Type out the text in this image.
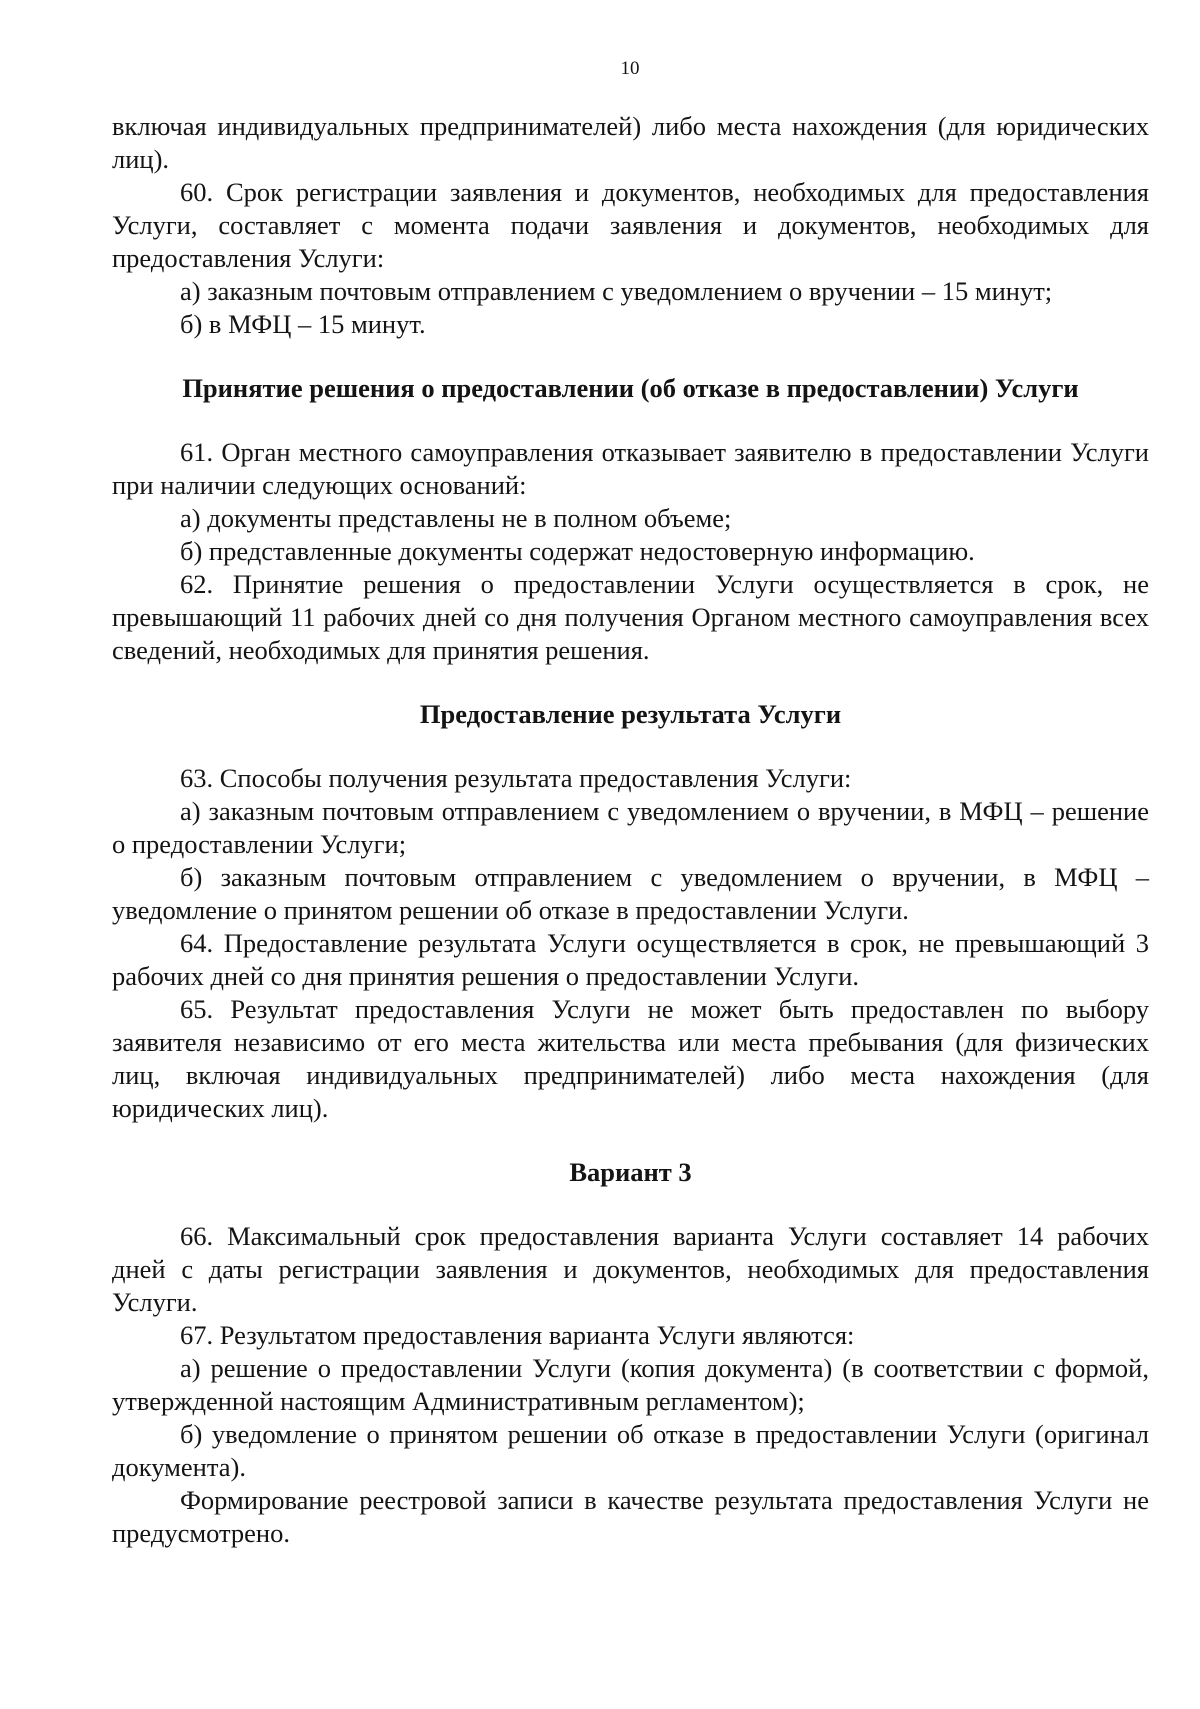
10

включая индивидуальных предпринимателей) либо места нахождения (для юридических лиц).

60. Срок регистрации заявления и документов, необходимых для предоставления Услуги, составляет с момента подачи заявления и документов, необходимых для предоставления Услуги:

а) заказным почтовым отправлением с уведомлением о вручении – 15 минут;

б) в МФЦ – 15 минут.

Принятие решения о предоставлении (об отказе в предоставлении) Услуги

61. Орган местного самоуправления отказывает заявителю в предоставлении Услуги при наличии следующих оснований:

а) документы представлены не в полном объеме;

б) представленные документы содержат недостоверную информацию.

62. Принятие решения о предоставлении Услуги осуществляется в срок, не превышающий 11 рабочих дней со дня получения Органом местного самоуправления всех сведений, необходимых для принятия решения.

Предоставление результата Услуги

63. Способы получения результата предоставления Услуги:

а) заказным почтовым отправлением с уведомлением о вручении, в МФЦ – решение о предоставлении Услуги;

б) заказным почтовым отправлением с уведомлением о вручении, в МФЦ – уведомление о принятом решении об отказе в предоставлении Услуги.

64. Предоставление результата Услуги осуществляется в срок, не превышающий 3 рабочих дней со дня принятия решения о предоставлении Услуги.

65. Результат предоставления Услуги не может быть предоставлен по выбору заявителя независимо от его места жительства или места пребывания (для физических лиц, включая индивидуальных предпринимателей) либо места нахождения (для юридических лиц).

Вариант 3

66. Максимальный срок предоставления варианта Услуги составляет 14 рабочих дней с даты регистрации заявления и документов, необходимых для предоставления Услуги.

67. Результатом предоставления варианта Услуги являются:

а) решение о предоставлении Услуги (копия документа) (в соответствии с формой, утвержденной настоящим Административным регламентом);

б) уведомление о принятом решении об отказе в предоставлении Услуги (оригинал документа).

Формирование реестровой записи в качестве результата предоставления Услуги не предусмотрено.
